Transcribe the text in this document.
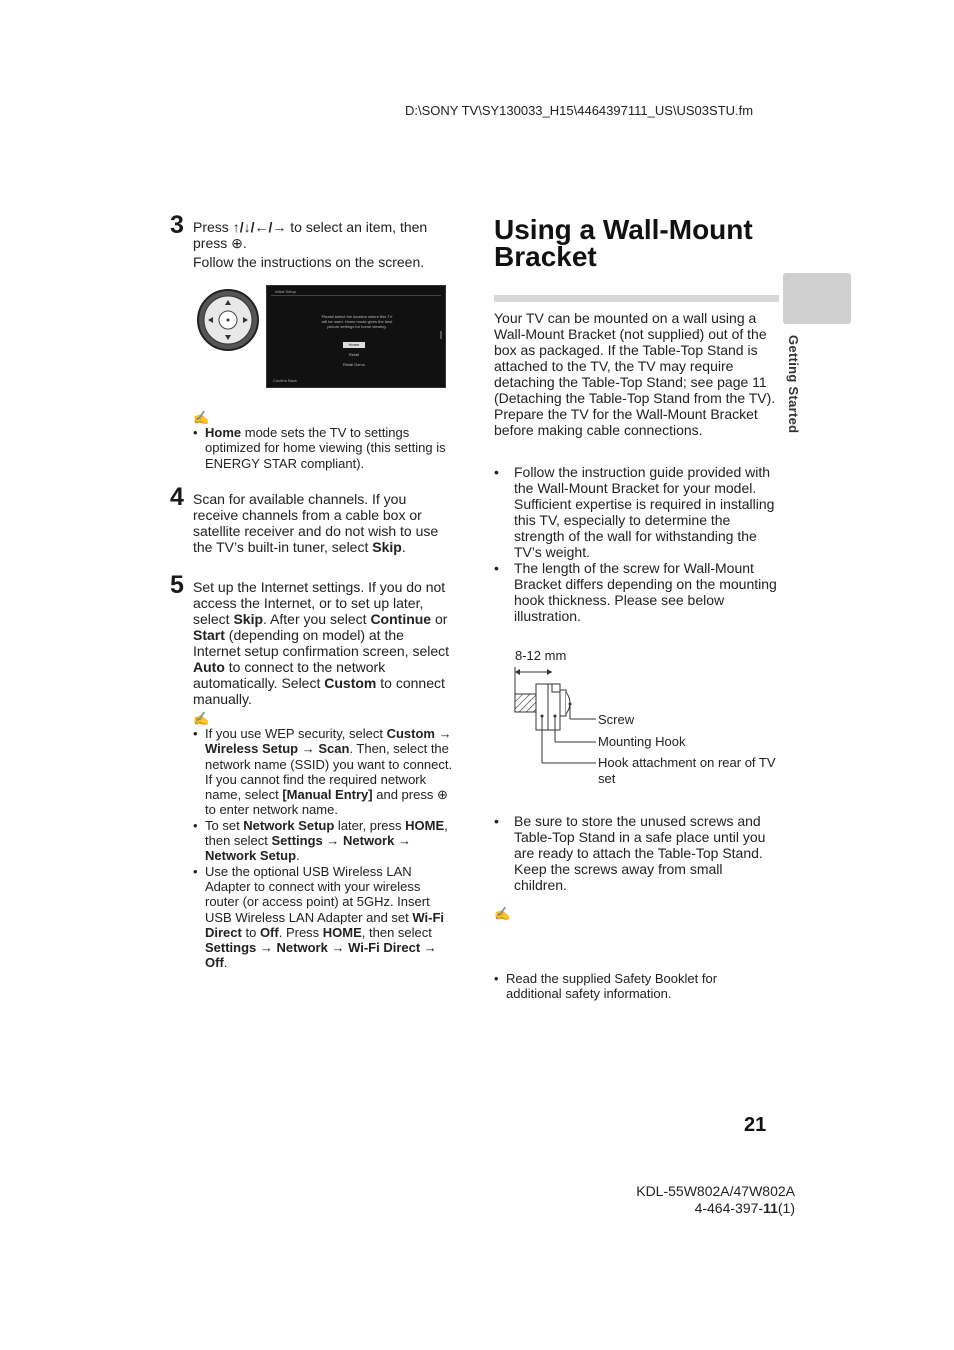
D:\SONY TV\SY130033_H15\4464397111_US\US03STU.fm
3 Press ↑/↓/←/→ to select an item, then
press ⊕.
Follow the instructions on the screen.
Initial Setup
Please select the location where this TV
will be used. Home mode gives the best
picture settings for home viewing.
Home
Retail
Retail Demo
Confirm Back
✍
• Home mode sets the TV to settings optimized for home viewing (this setting is ENERGY STAR compliant).
4 Scan for available channels. If you receive channels from a cable box or satellite receiver and do not wish to use the TV’s built-in tuner, select Skip.
5 Set up the Internet settings. If you do not access the Internet, or to set up later, select Skip. After you select Continue or Start (depending on model) at the Internet setup confirmation screen, select Auto to connect to the network automatically. Select Custom to connect manually.
✍
• If you use WEP security, select Custom → Wireless Setup → Scan. Then, select the network name (SSID) you want to connect. If you cannot find the required network name, select [Manual Entry] and press ⊕ to enter network name.
• To set Network Setup later, press HOME, then select Settings → Network → Network Setup.
• Use the optional USB Wireless LAN Adapter to connect with your wireless router (or access point) at 5GHz. Insert USB Wireless LAN Adapter and set Wi-Fi Direct to Off. Press HOME, then select Settings → Network → Wi-Fi Direct → Off.
Using a Wall-Mount Bracket
Your TV can be mounted on a wall using a Wall-Mount Bracket (not supplied) out of the box as packaged. If the Table-Top Stand is attached to the TV, the TV may require detaching the Table-Top Stand; see page 11 (Detaching the Table-Top Stand from the TV).
Prepare the TV for the Wall-Mount Bracket before making cable connections.
• Follow the instruction guide provided with the Wall-Mount Bracket for your model. Sufficient expertise is required in installing this TV, especially to determine the strength of the wall for withstanding the TV’s weight.
• The length of the screw for Wall-Mount Bracket differs depending on the mounting hook thickness. Please see below illustration.
8-12 mm
Screw
Mounting Hook
Hook attachment on rear of TV set
• Be sure to store the unused screws and Table-Top Stand in a safe place until you are ready to attach the Table-Top Stand. Keep the screws away from small children.
✍
• Read the supplied Safety Booklet for additional safety information.
Getting Started
21
KDL-55W802A/47W802A
4-464-397-11(1)
